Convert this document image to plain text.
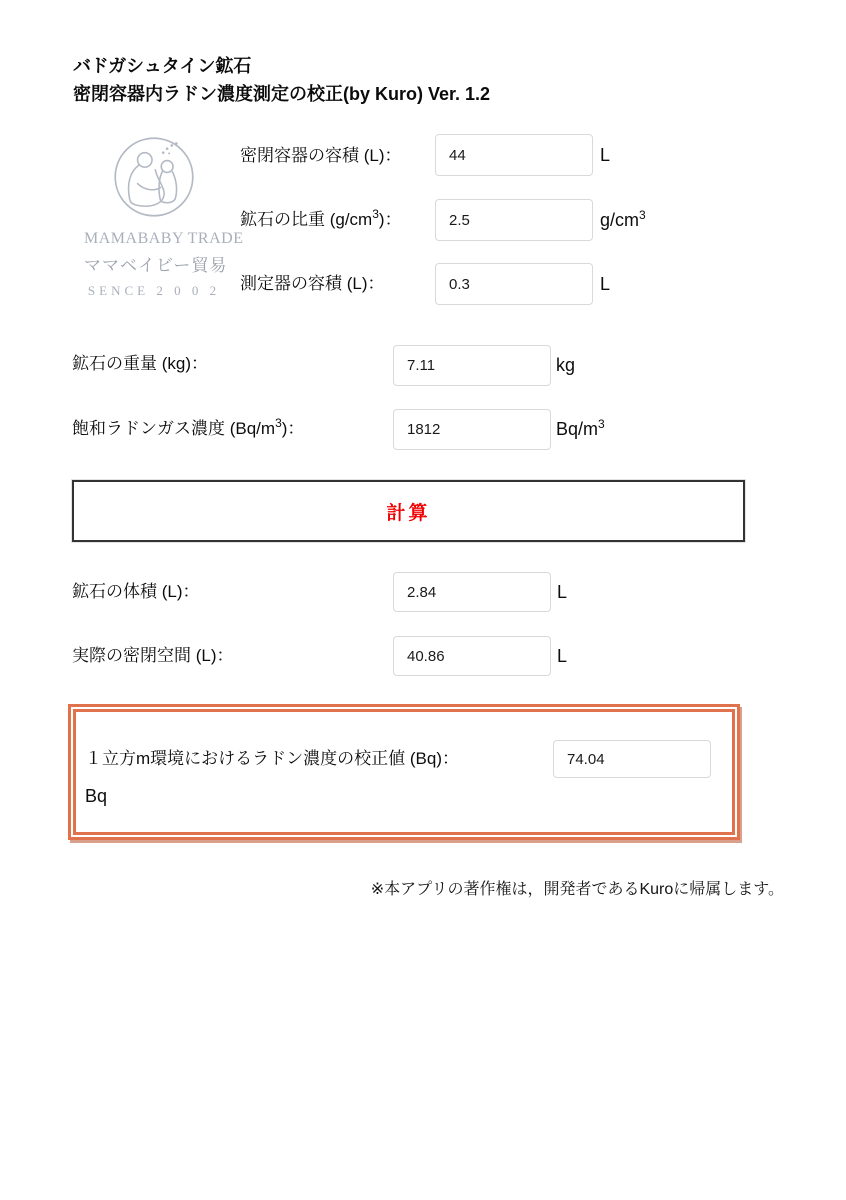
バドガシュタイン鉱石
密閉容器内ラドン濃度測定の校正(by Kuro) Ver. 1.2
MAMABABY TRADE
ママベイビー貿易
SENCE 2 0 0 2
密閉容器の容積 (L)：
44	L
鉱石の比重 $(g/cm^3)$：
2.5	$g/cm^3$
測定器の容積 (L)：
0.3	L
鉱石の重量 (kg)：
7.11	kg
飽和ラドンガス濃度 $(Bq/m^3)$：
1812	$Bq/m^3$
計算
鉱石の体積 (L)：
2.84	L
実際の密閉空間 (L)：
40.86	L
１立方m環境におけるラドン濃度の校正値 (Bq)：
74.04
Bq
※本アプリの著作権は，開発者であるKuroに帰属します。
